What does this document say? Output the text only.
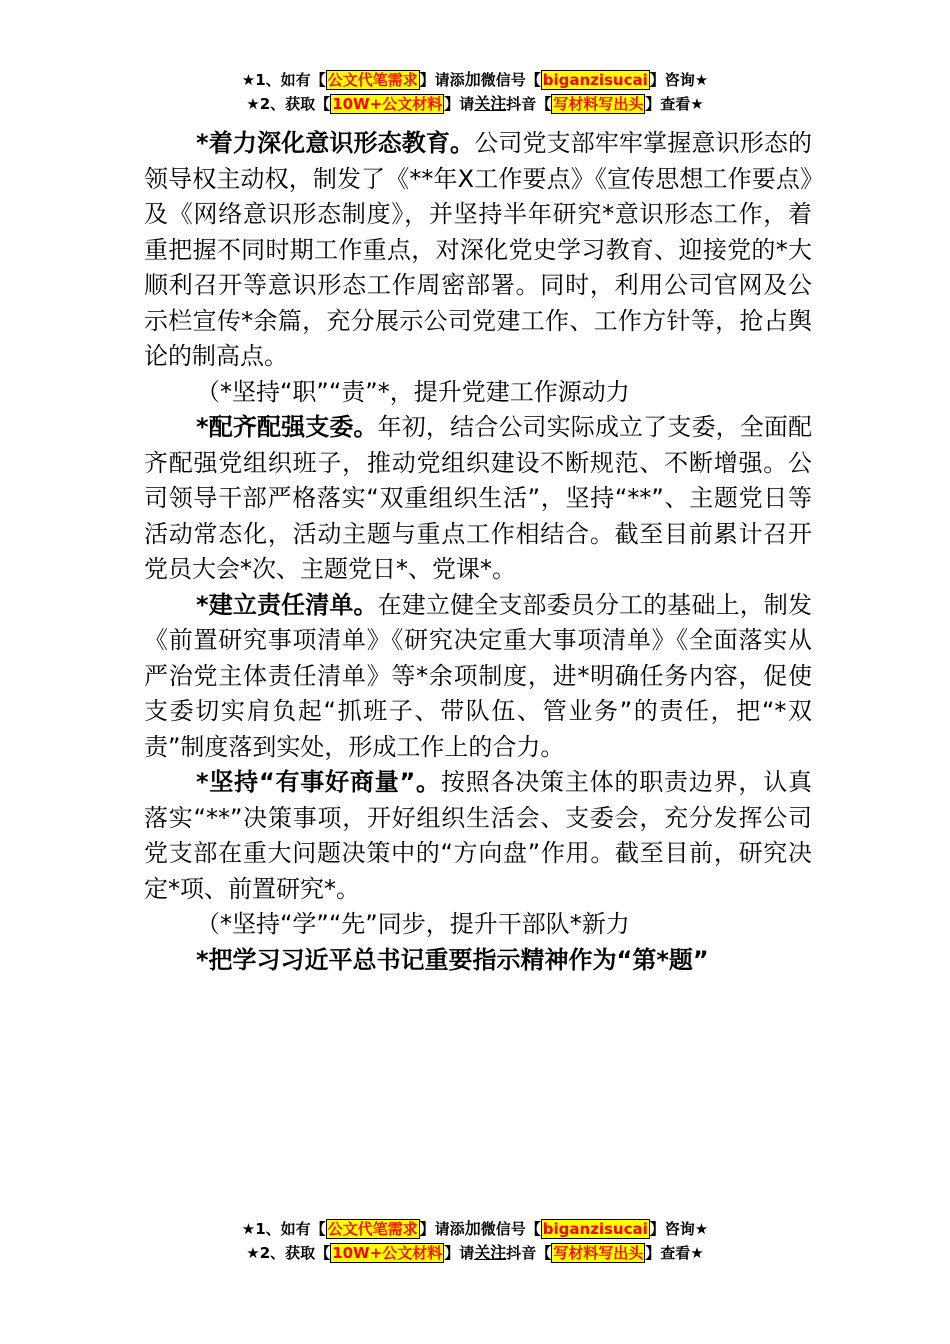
★1、如有【 公文代笔需求 】请添加微信号【 biganzisucai 】咨询★
★2、获取【 10W+公文材料 】请关注抖音【 写材料写出头 】查看★

*着力深化意识形态教育。公司党支部牢牢掌握意识形态的领导权主动权，制发了《**年X工作要点》《宣传思想工作要点》及《网络意识形态制度》，并坚持半年研究*意识形态工作，着重把握不同时期工作重点，对深化党史学习教育、迎接党的*大顺利召开等意识形态工作周密部署。同时，利用公司官网及公示栏宣传*余篇，充分展示公司党建工作、工作方针等，抢占舆论的制高点。

（*坚持“职”“责”*，提升党建工作源动力

*配齐配强支委。年初，结合公司实际成立了支委，全面配齐配强党组织班子，推动党组织建设不断规范、不断增强。公司领导干部严格落实“双重组织生活”，坚持“**”、主题党日等活动常态化，活动主题与重点工作相结合。截至目前累计召开党员大会*次、主题党日*、党课*。

*建立责任清单。在建立健全支部委员分工的基础上，制发《前置研究事项清单》《研究决定重大事项清单》《全面落实从严治党主体责任清单》等*余项制度，进*明确任务内容，促使支委切实肩负起“抓班子、带队伍、管业务”的责任，把“*双责”制度落到实处，形成工作上的合力。

*坚持“有事好商量”。按照各决策主体的职责边界，认真落实“**”决策事项，开好组织生活会、支委会，充分发挥公司党支部在重大问题决策中的“方向盘”作用。截至目前，研究决定*项、前置研究*。

（*坚持“学”“先”同步，提升干部队*新力

*把学习习近平总书记重要指示精神作为“第*题”

★1、如有【 公文代笔需求 】请添加微信号【 biganzisucai 】咨询★
★2、获取【 10W+公文材料 】请关注抖音【 写材料写出头 】查看★
